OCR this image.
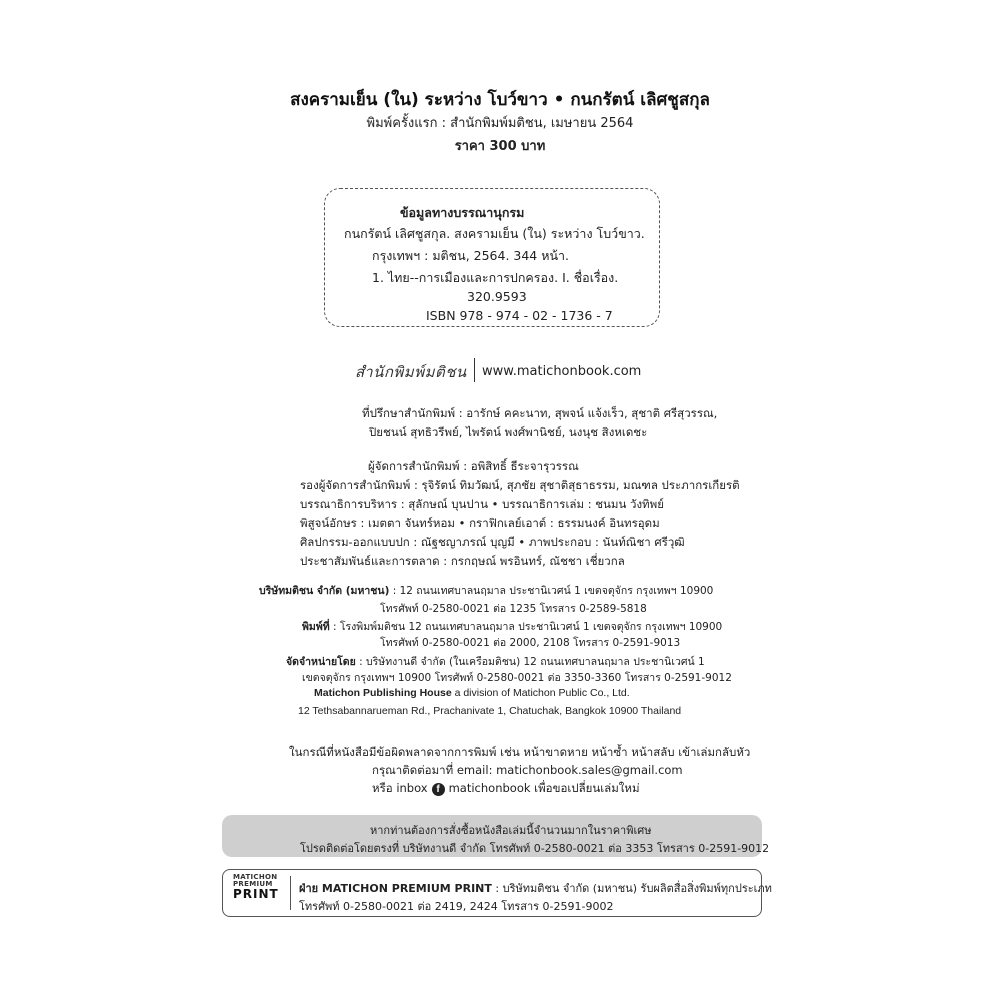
สงครามเย็น (ใน) ระหว่าง โบว์ขาว • กนกรัตน์ เลิศชูสกุล
พิมพ์ครั้งแรก : สำนักพิมพ์มติชน, เมษายน 2564
ราคา 300 บาท
ข้อมูลทางบรรณานุกรม
กนกรัตน์ เลิศชูสกุล. สงครามเย็น (ใน) ระหว่าง โบว์ขาว.
กรุงเทพฯ : มติชน, 2564. 344 หน้า.
1. ไทย--การเมืองและการปกครอง. I. ชื่อเรื่อง.
320.9593
ISBN 978 - 974 - 02 - 1736 - 7
สำนักพิมพ์มติชน www.matichonbook.com
ที่ปรึกษาสำนักพิมพ์ : อารักษ์ คคะนาท, สุพจน์ แจ้งเร็ว, สุชาติ ศรีสุวรรณ,
ปิยชนน์ สุทธิวรีพย์, ไพรัตน์ พงศ์พานิชย์, นงนุช สิงหเดชะ
ผู้จัดการสำนักพิมพ์ : อพิสิทธิ์ ธีระจารุวรรณ
รองผู้จัดการสำนักพิมพ์ : รุจิรัตน์ ทิมวัฒน์, สุภชัย สุชาติสุธาธรรม, มณฑล ประภากรเกียรติ
บรรณาธิการบริหาร : สุลักษณ์ บุนปาน • บรรณาธิการเล่ม : ชนมน วังทิพย์
พิสูจน์อักษร : เมตตา จันทร์หอม • กราฟิกเลย์เอาต์ : ธรรมนงค์ อินทรอุดม
ศิลปกรรม-ออกแบบปก : ณัฐชญาภรณ์ บุญมี • ภาพประกอบ : นันท์ณิชา ศรีวุฒิ
ประชาสัมพันธ์และการตลาด : กรกฤษณ์ พรอินทร์, ณัชชา เชี่ยวกล
บริษัทมติชน จำกัด (มหาชน) : 12 ถนนเทศบาลนฤมาล ประชานิเวศน์ 1 เขตจตุจักร กรุงเทพฯ 10900
โทรศัพท์ 0-2580-0021 ต่อ 1235 โทรสาร 0-2589-5818
พิมพ์ที่ : โรงพิมพ์มติชน 12 ถนนเทศบาลนฤมาล ประชานิเวศน์ 1 เขตจตุจักร กรุงเทพฯ 10900
โทรศัพท์ 0-2580-0021 ต่อ 2000, 2108 โทรสาร 0-2591-9013
จัดจำหน่ายโดย : บริษัทงานดี จำกัด (ในเครือมติชน) 12 ถนนเทศบาลนฤมาล ประชานิเวศน์ 1
เขตจตุจักร กรุงเทพฯ 10900 โทรศัพท์ 0-2580-0021 ต่อ 3350-3360 โทรสาร 0-2591-9012
Matichon Publishing House a division of Matichon Public Co., Ltd.
12 Tethsabannarueman Rd., Prachanivate 1, Chatuchak, Bangkok 10900 Thailand
ในกรณีที่หนังสือมีข้อผิดพลาดจากการพิมพ์ เช่น หน้าขาดหาย หน้าซ้ำ หน้าสลับ เข้าเล่มกลับหัว
กรุณาติดต่อมาที่ email: matichonbook.sales@gmail.com
หรือ inbox f matichonbook เพื่อขอเปลี่ยนเล่มใหม่
หากท่านต้องการสั่งซื้อหนังสือเล่มนี้จำนวนมากในราคาพิเศษ
โปรดติดต่อโดยตรงที่ บริษัทงานดี จำกัด โทรศัพท์ 0-2580-0021 ต่อ 3353 โทรสาร 0-2591-9012
MATICHON
PREMIUM
PRINT	ฝ่าย MATICHON PREMIUM PRINT : บริษัทมติชน จำกัด (มหาชน) รับผลิตสื่อสิ่งพิมพ์ทุกประเภท
โทรศัพท์ 0-2580-0021 ต่อ 2419, 2424 โทรสาร 0-2591-9002
